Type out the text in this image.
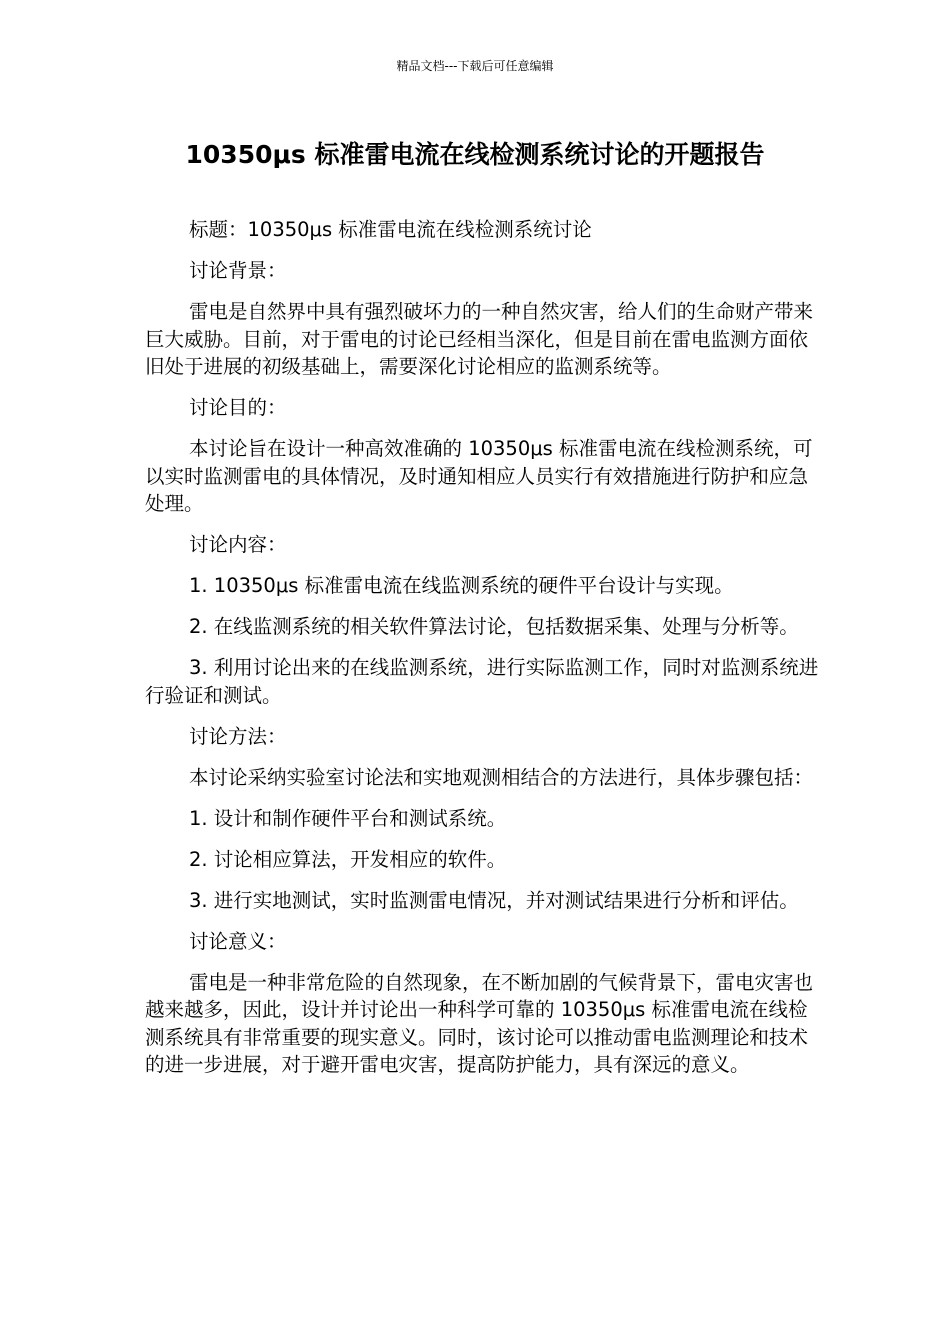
精品文档---下载后可任意编辑
10350μs 标准雷电流在线检测系统讨论的开题报告

标题：10350μs 标准雷电流在线检测系统讨论

讨论背景：

雷电是自然界中具有强烈破坏力的一种自然灾害，给人们的生命财产带来巨大威胁。目前，对于雷电的讨论已经相当深化，但是目前在雷电监测方面依旧处于进展的初级基础上，需要深化讨论相应的监测系统等。

讨论目的：

本讨论旨在设计一种高效准确的 10350μs 标准雷电流在线检测系统，可以实时监测雷电的具体情况，及时通知相应人员实行有效措施进行防护和应急处理。

讨论内容：

1. 10350μs 标准雷电流在线监测系统的硬件平台设计与实现。

2. 在线监测系统的相关软件算法讨论，包括数据采集、处理与分析等。

3. 利用讨论出来的在线监测系统，进行实际监测工作，同时对监测系统进行验证和测试。

讨论方法：

本讨论采纳实验室讨论法和实地观测相结合的方法进行，具体步骤包括：

1. 设计和制作硬件平台和测试系统。

2. 讨论相应算法，开发相应的软件。

3. 进行实地测试，实时监测雷电情况，并对测试结果进行分析和评估。

讨论意义：

雷电是一种非常危险的自然现象，在不断加剧的气候背景下，雷电灾害也越来越多，因此，设计并讨论出一种科学可靠的 10350μs 标准雷电流在线检测系统具有非常重要的现实意义。同时，该讨论可以推动雷电监测理论和技术的进一步进展，对于避开雷电灾害，提高防护能力，具有深远的意义。
